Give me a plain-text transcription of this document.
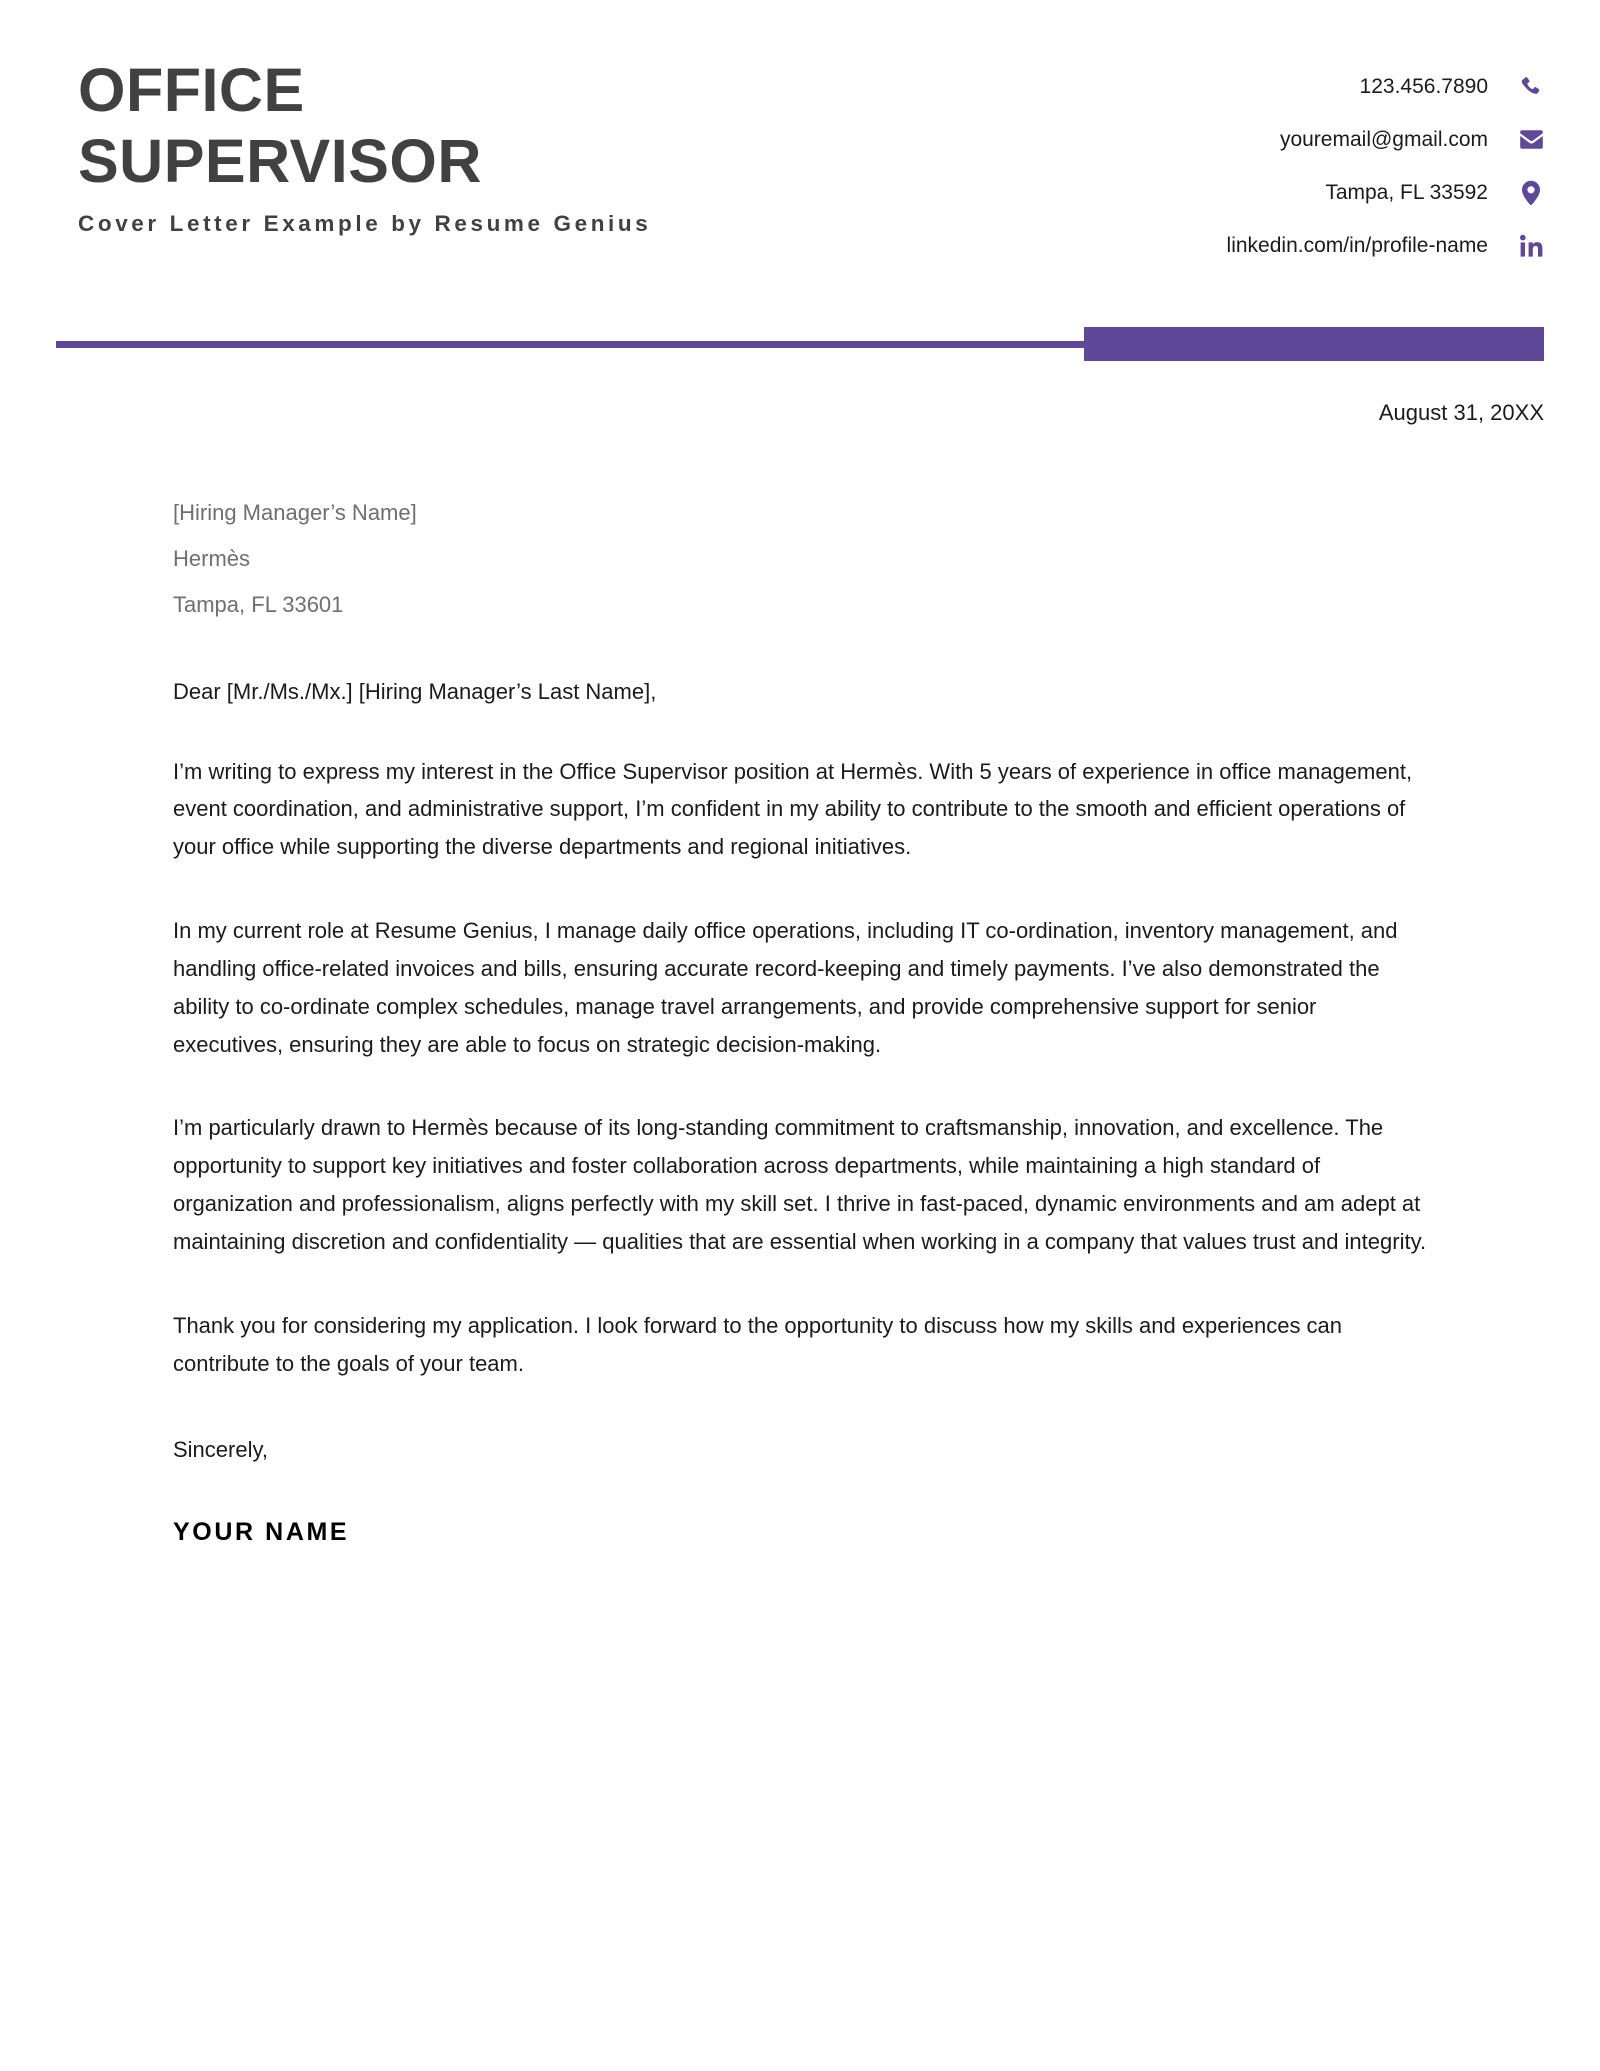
OFFICE
SUPERVISOR
Cover Letter Example by Resume Genius
123.456.7890
youremail@gmail.com
Tampa, FL 33592
linkedin.com/in/profile-name
August 31, 20XX
[Hiring Manager’s Name]
Hermès
Tampa, FL 33601
Dear [Mr./Ms./Mx.] [Hiring Manager’s Last Name],
I’m writing to express my interest in the Office Supervisor position at Hermès. With 5 years of experience in office management, event coordination, and administrative support, I’m confident in my ability to contribute to the smooth and efficient operations of your office while supporting the diverse departments and regional initiatives.
In my current role at Resume Genius, I manage daily office operations, including IT co-ordination, inventory management, and handling office-related invoices and bills, ensuring accurate record-keeping and timely payments. I’ve also demonstrated the ability to co-ordinate complex schedules, manage travel arrangements, and provide comprehensive support for senior executives, ensuring they are able to focus on strategic decision-making.
I’m particularly drawn to Hermès because of its long-standing commitment to craftsmanship, innovation, and excellence. The opportunity to support key initiatives and foster collaboration across departments, while maintaining a high standard of organization and professionalism, aligns perfectly with my skill set. I thrive in fast-paced, dynamic environments and am adept at maintaining discretion and confidentiality — qualities that are essential when working in a company that values trust and integrity.
Thank you for considering my application. I look forward to the opportunity to discuss how my skills and experiences can contribute to the goals of your team.
Sincerely,
YOUR NAME
